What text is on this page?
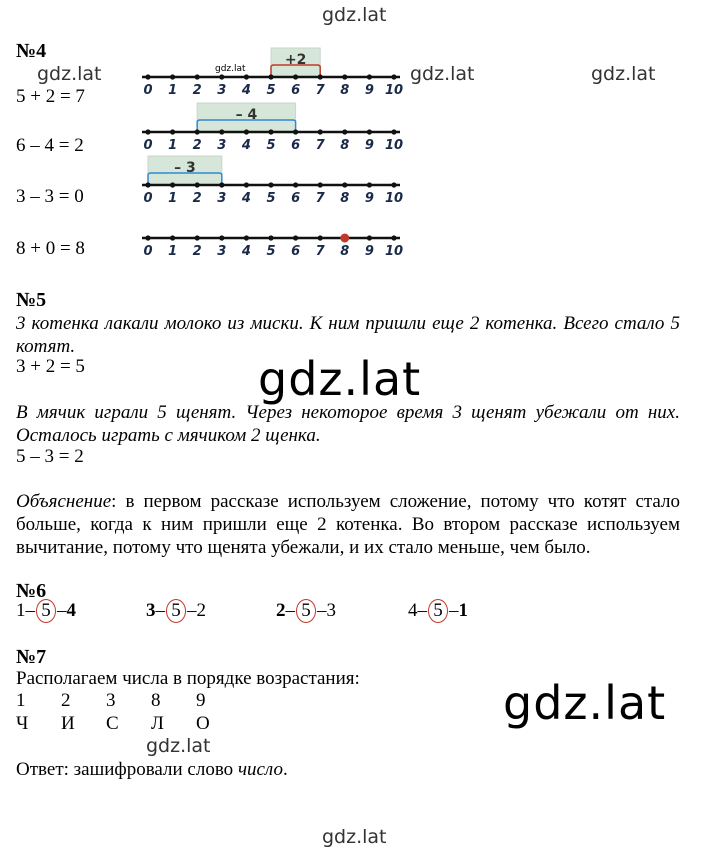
gdz.lat
gdz.lat	gdz.lat	gdz.lat
gdz.lat
gdz.lat
gdz.lat
gdz.lat
gdz.lat
№4
5 + 2 = 7
6 – 4 = 2
3 – 3 = 0
8 + 0 = 8
+2
0 1 2 3 4 5 6 7 8 9 10
– 4
0 1 2 3 4 5 6 7 8 9 10
– 3
0 1 2 3 4 5 6 7 8 9 10
0 1 2 3 4 5 6 7 8 9 10
№5
3 котенка лакали молоко из миски. К ним пришли еще 2 котенка. Всего стало 5 котят.
3 + 2 = 5
В мячик играли 5 щенят. Через некоторое время 3 щенят убежали от них. Осталось играть с мячиком 2 щенка.
5 – 3 = 2
Объяснение: в первом рассказе используем сложение, потому что котят стало больше, когда к ним пришли еще 2 котенка. Во втором рассказе используем вычитание, потому что щенята убежали, и их стало меньше, чем было.
№6
1 – 5 – 4	3 – 5 – 2	2 – 5 – 3	4 – 5 – 1
№7
Располагаем числа в порядке возрастания:
1 2 3 8 9
Ч И С Л О
Ответ: зашифровали слово число.
